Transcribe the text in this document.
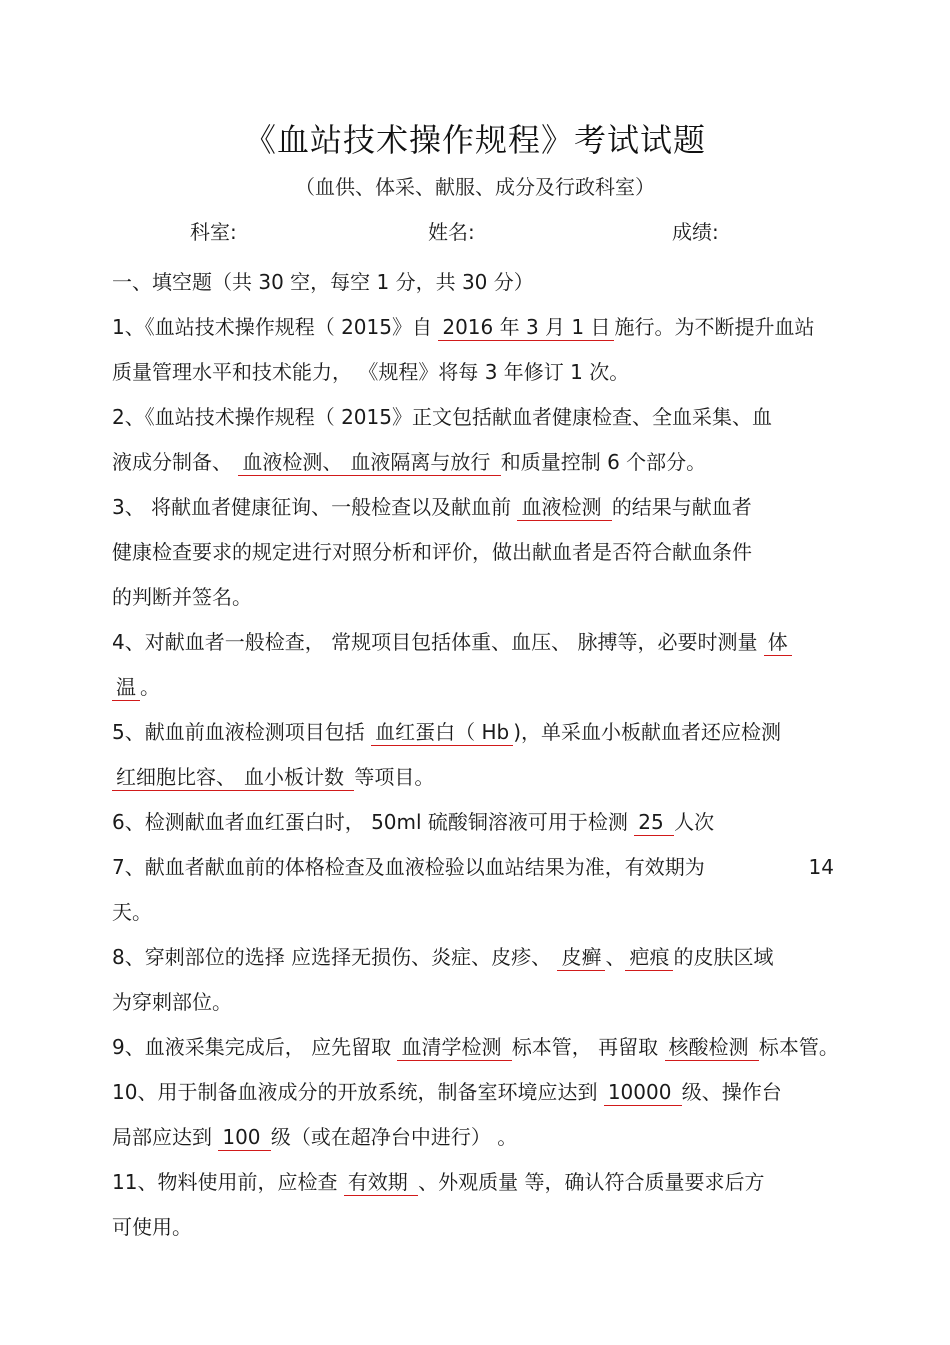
《血站技术操作规程》考试试题
（血供、体采、献服、成分及行政科室）
科室:	姓名:	成绩:
一、填空题（共 30 空，每空 1 分，共 30 分）
1、《血站技术操作规程（ 2015》自 2016 年 3 月 1 日 施行。为不断提升血站
质量管理水平和技术能力， 《规程》将每 3 年修订 1 次。
2、《血站技术操作规程（ 2015》正文包括献血者健康检查、全血采集、血
液成分制备、 血液检测、 血液隔离与放行 和质量控制 6 个部分。
3、 将献血者健康征询、一般检查以及献血前 血液检测 的结果与献血者
健康检查要求的规定进行对照分析和评价，做出献血者是否符合献血条件
的判断并签名。
4、对献血者一般检查， 常规项目包括体重、血压、 脉搏等，必要时测量 体
温 。
5、献血前血液检测项目包括 血红蛋白（ Hb )，单采血小板献血者还应检测
红细胞比容、 血小板计数 等项目。
6、检测献血者血红蛋白时， 50ml 硫酸铜溶液可用于检测 25 人次
7、献血者献血前的体格检查及血液检验以血站结果为准，有效期为	14
天。
8、穿刺部位的选择 应选择无损伤、炎症、皮疹、 皮癣 、 疤痕 的皮肤区域
为穿刺部位。
9、血液采集完成后， 应先留取 血清学检测 标本管， 再留取 核酸检测 标本管。
10、用于制备血液成分的开放系统，制备室环境应达到 10000 级、操作台
局部应达到 100 级（或在超净台中进行） 。
11、物料使用前，应检查 有效期 、外观质量 等，确认符合质量要求后方
可使用。
